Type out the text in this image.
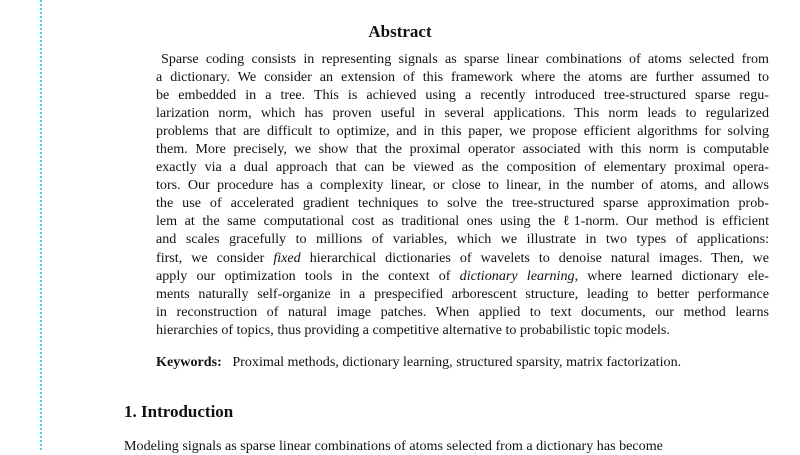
Abstract
Sparse coding consists in representing signals as sparse linear combinations of atoms selected from
a dictionary. We consider an extension of this framework where the atoms are further assumed to
be embedded in a tree. This is achieved using a recently introduced tree-structured sparse regu-
larization norm, which has proven useful in several applications. This norm leads to regularized
problems that are difficult to optimize, and in this paper, we propose efficient algorithms for solving
them. More precisely, we show that the proximal operator associated with this norm is computable
exactly via a dual approach that can be viewed as the composition of elementary proximal opera-
tors. Our procedure has a complexity linear, or close to linear, in the number of atoms, and allows
the use of accelerated gradient techniques to solve the tree-structured sparse approximation prob-
lem at the same computational cost as traditional ones using the ℓ1-norm. Our method is efficient
and scales gracefully to millions of variables, which we illustrate in two types of applications:
first, we consider fixed hierarchical dictionaries of wavelets to denoise natural images. Then, we
apply our optimization tools in the context of dictionary learning, where learned dictionary ele-
ments naturally self-organize in a prespecified arborescent structure, leading to better performance
in reconstruction of natural image patches. When applied to text documents, our method learns
hierarchies of topics, thus providing a competitive alternative to probabilistic topic models.
Keywords: Proximal methods, dictionary learning, structured sparsity, matrix factorization.
1. Introduction
Modeling signals as sparse linear combinations of atoms selected from a dictionary has become
